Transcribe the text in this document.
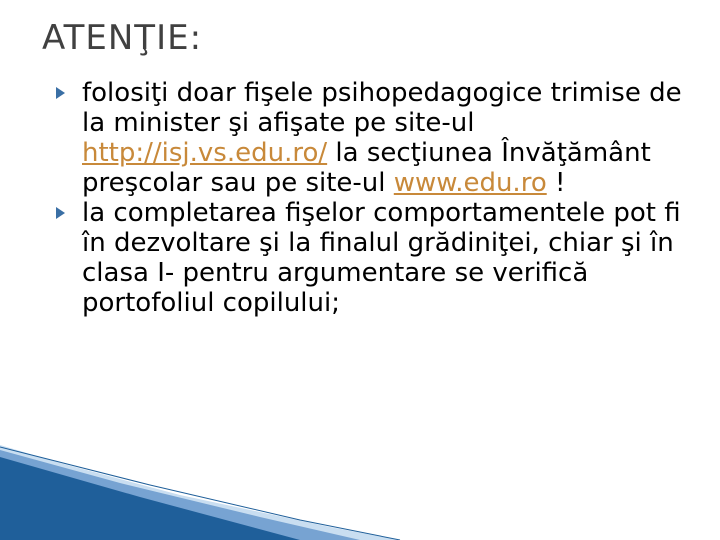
ATENŢIE:

folosiţi doar fişele psihopedagogice trimise de la minister şi afişate pe site-ul http://isj.vs.edu.ro/ la secţiunea Învăţământ preşcolar sau pe site-ul www.edu.ro !

la completarea fişelor comportamentele pot fi în dezvoltare şi la finalul grădiniţei, chiar şi în clasa I- pentru argumentare se verifică portofoliul copilului;
